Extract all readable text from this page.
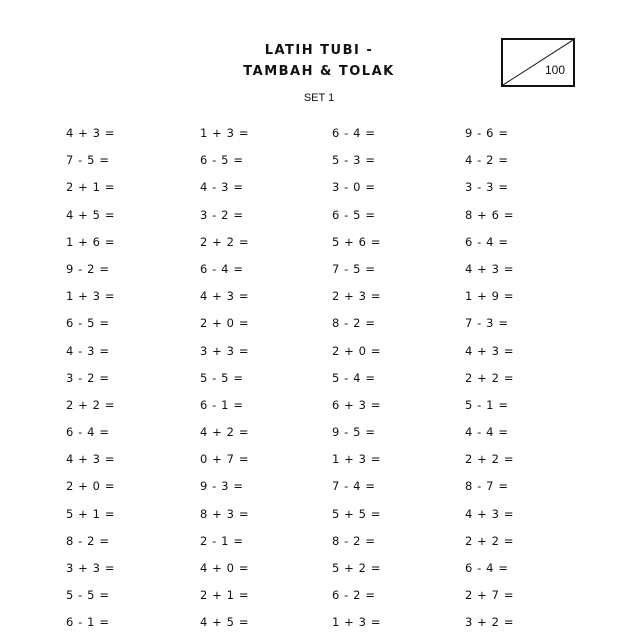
LATIH TUBI -
TAMBAH & TOLAK
SET 1
100
4 + 3 =	1 + 3 =	6 - 4 =	9 - 6 =
7 - 5 =	6 - 5 =	5 - 3 =	4 - 2 =
2 + 1 =	4 - 3 =	3 - 0 =	3 - 3 =
4 + 5 =	3 - 2 =	6 - 5 =	8 + 6 =
1 + 6 =	2 + 2 =	5 + 6 =	6 - 4 =
9 - 2 =	6 - 4 =	7 - 5 =	4 + 3 =
1 + 3 =	4 + 3 =	2 + 3 =	1 + 9 =
6 - 5 =	2 + 0 =	8 - 2 =	7 - 3 =
4 - 3 =	3 + 3 =	2 + 0 =	4 + 3 =
3 - 2 =	5 - 5 =	5 - 4 =	2 + 2 =
2 + 2 =	6 - 1 =	6 + 3 =	5 - 1 =
6 - 4 =	4 + 2 =	9 - 5 =	4 - 4 =
4 + 3 =	0 + 7 =	1 + 3 =	2 + 2 =
2 + 0 =	9 - 3 =	7 - 4 =	8 - 7 =
5 + 1 =	8 + 3 =	5 + 5 =	4 + 3 =
8 - 2 =	2 - 1 =	8 - 2 =	2 + 2 =
3 + 3 =	4 + 0 =	5 + 2 =	6 - 4 =
5 - 5 =	2 + 1 =	6 - 2 =	2 + 7 =
6 - 1 =	4 + 5 =	1 + 3 =	3 + 2 =
